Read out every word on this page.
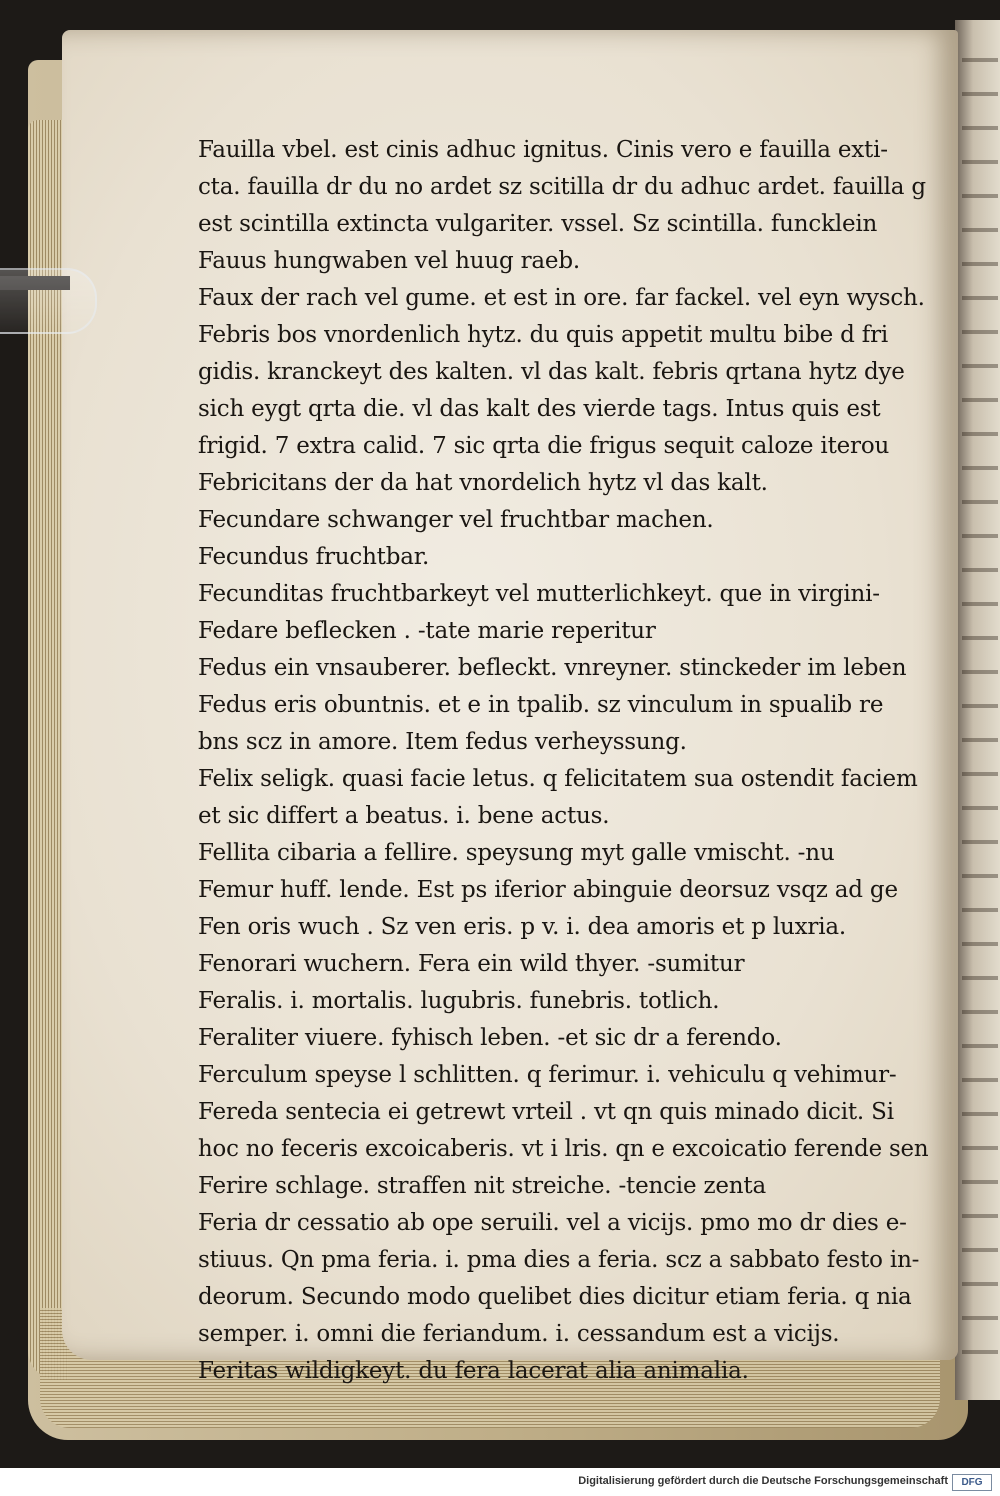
Fauilla vbel. est cinis adhuc ignitus. Cinis vero e fauilla exti-
cta. fauilla dr du no ardet sz scitilla dr du adhuc ardet. fauilla g
est scintilla extincta vulgariter. vssel. Sz scintilla. funcklein
Fauus hungwaben vel huug raeb.
Faux der rach vel gume. et est in ore. far fackel. vel eyn wysch.
Febris bos vnordenlich hytz. du quis appetit multu bibe d fri
gidis. kranckeyt des kalten. vl das kalt. febris qrtana hytz dye
sich eygt qrta die. vl das kalt des vierde tags. Intus quis est
frigid. 7 extra calid. 7 sic qrta die frigus sequit caloze iterou
Febricitans der da hat vnordelich hytz vl das kalt.
Fecundare schwanger vel fruchtbar machen.
Fecundus fruchtbar.
Fecunditas fruchtbarkeyt vel mutterlichkeyt. que in virgini-
Fedare beflecken . -tate marie reperitur
Fedus ein vnsauberer. befleckt. vnreyner. stinckeder im leben
Fedus eris obuntnis. et e in tpalib. sz vinculum in spualib re
bns scz in amore. Item fedus verheyssung.
Felix seligk. quasi facie letus. q felicitatem sua ostendit faciem
et sic differt a beatus. i. bene actus.
Fellita cibaria a fellire. speysung myt galle vmischt. -nu
Femur huff. lende. Est ps iferior abinguie deorsuz vsqz ad ge
Fen oris wuch . Sz ven eris. p v. i. dea amoris et p luxria.
Fenorari wuchern. Fera ein wild thyer. -sumitur
Feralis. i. mortalis. lugubris. funebris. totlich.
Feraliter viuere. fyhisch leben. -et sic dr a ferendo.
Ferculum speyse l schlitten. q ferimur. i. vehiculu q vehimur-
Fereda sentecia ei getrewt vrteil . vt qn quis minado dicit. Si
hoc no feceris excoicaberis. vt i lris. qn e excoicatio ferende sen
Ferire schlage. straffen nit streiche. -tencie zenta
Feria dr cessatio ab ope seruili. vel a vicijs. pmo mo dr dies e-
stiuus. Qn pma feria. i. pma dies a feria. scz a sabbato festo in-
deorum. Secundo modo quelibet dies dicitur etiam feria. q nia
semper. i. omni die feriandum. i. cessandum est a vicijs.
Feritas wildigkeyt. du fera lacerat alia animalia.
Digitalisierung gefördert durch die Deutsche Forschungsgemeinschaft	DFG
